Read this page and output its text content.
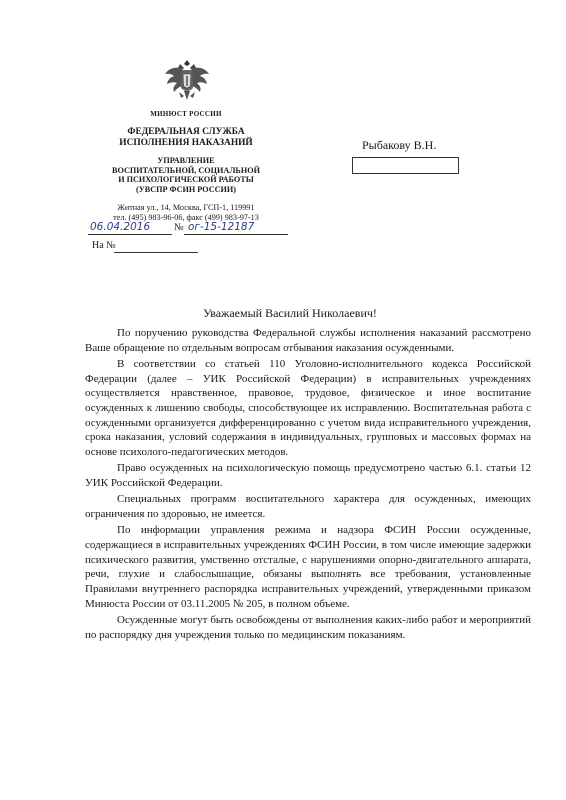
МИНЮСТ РОССИИ
ФЕДЕРАЛЬНАЯ СЛУЖБА
ИСПОЛНЕНИЯ НАКАЗАНИЙ
УПРАВЛЕНИЕ
ВОСПИТАТЕЛЬНОЙ, СОЦИАЛЬНОЙ
И ПСИХОЛОГИЧЕСКОЙ РАБОТЫ
(УВСПР ФСИН РОССИИ)
Житная ул., 14, Москва, ГСП-1, 119991
тел. (495) 983-96-06, факс (499) 983-97-13
06.04.2016 № ог-15-12187
На №
Рыбакову В.Н.
Уважаемый Василий Николаевич!

По поручению руководства Федеральной службы исполнения наказаний рассмотрено Ваше обращение по отдельным вопросам отбывания наказания осужденными.

В соответствии со статьей 110 Уголовно-исполнительного кодекса Российской Федерации (далее – УИК Российской Федерации) в исправительных учреждениях осуществляется нравственное, правовое, трудовое, физическое и иное воспитание осужденных к лишению свободы, способствующее их исправлению. Воспитательная работа с осужденными организуется дифференцированно с учетом вида исправительного учреждения, срока наказания, условий содержания в индивидуальных, групповых и массовых формах на основе психолого-педагогических методов.

Право осужденных на психологическую помощь предусмотрено частью 6.1. статьи 12 УИК Российской Федерации.

Специальных программ воспитательного характера для осужденных, имеющих ограничения по здоровью, не имеется.

По информации управления режима и надзора ФСИН России осужденные, содержащиеся в исправительных учреждениях ФСИН России, в том числе имеющие задержки психического развития, умственно отсталые, с нарушениями опорно-двигательного аппарата, речи, глухие и слабослышащие, обязаны выполнять все требования, установленные Правилами внутреннего распорядка исправительных учреждений, утвержденными приказом Минюста России от 03.11.2005 № 205, в полном объеме.

Осужденные могут быть освобождены от выполнения каких-либо работ и мероприятий по распорядку дня учреждения только по медицинским показаниям.
